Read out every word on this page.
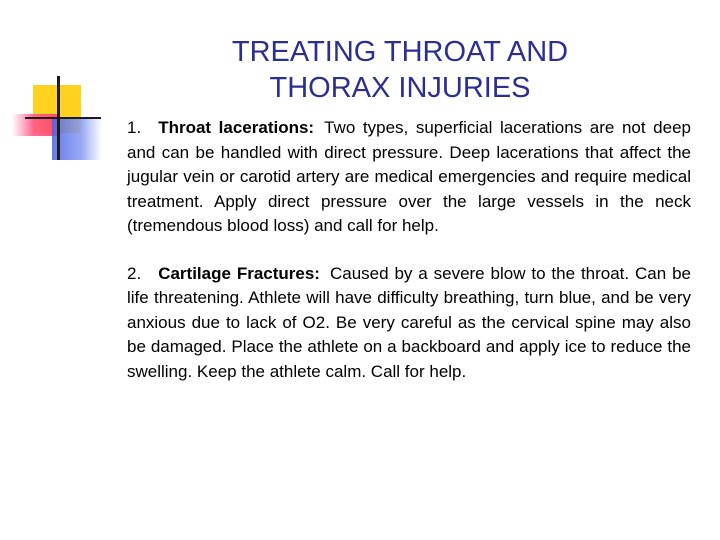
TREATING THROAT AND
THORAX INJURIES

1. Throat lacerations: Two types, superficial lacerations are not deep and can be handled with direct pressure. Deep lacerations that affect the jugular vein or carotid artery are medical emergencies and require medical treatment. Apply direct pressure over the large vessels in the neck (tremendous blood loss) and call for help.

2. Cartilage Fractures: Caused by a severe blow to the throat. Can be life threatening. Athlete will have difficulty breathing, turn blue, and be very anxious due to lack of O2. Be very careful as the cervical spine may also be damaged. Place the athlete on a backboard and apply ice to reduce the swelling. Keep the athlete calm. Call for help.
